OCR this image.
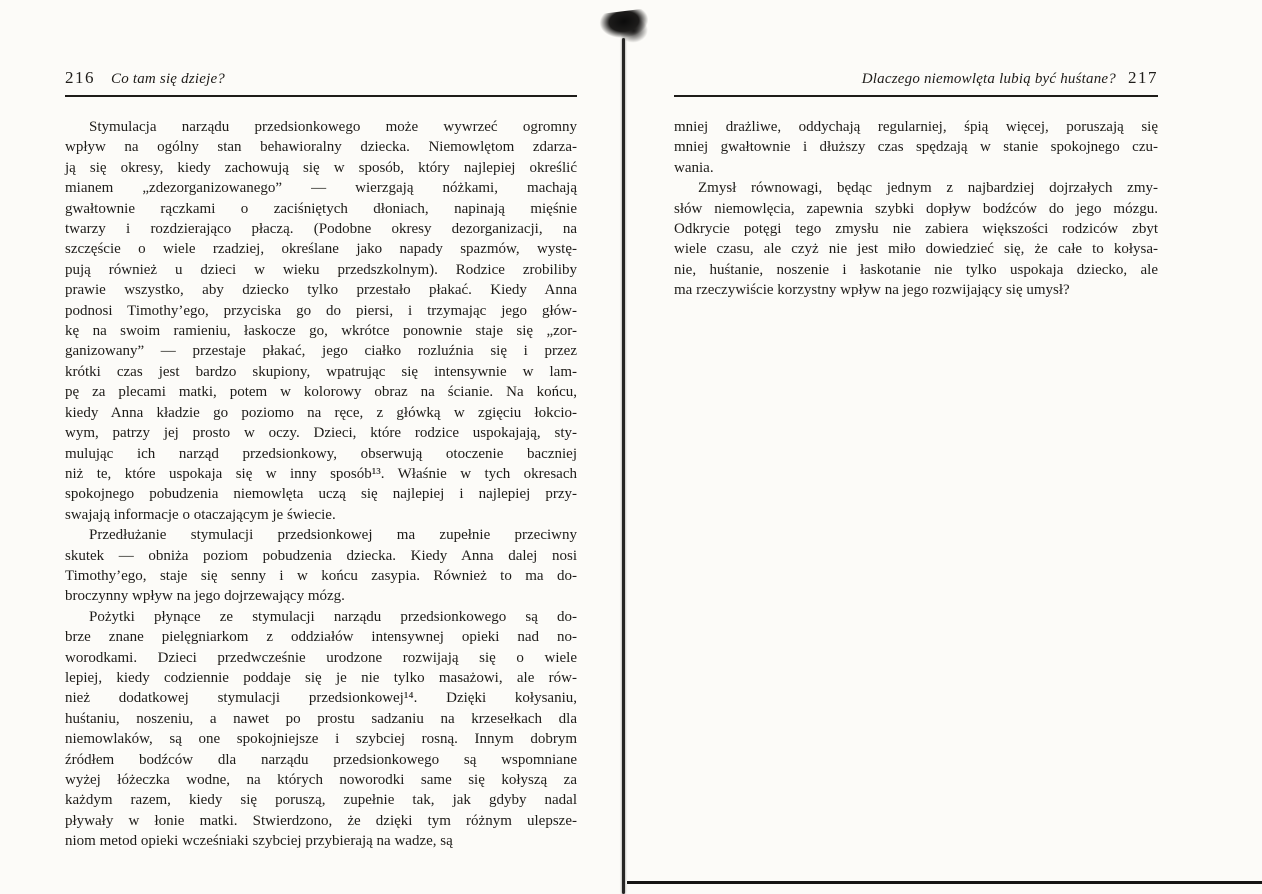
216 Co tam się dzieje?
Stymulacja narządu przedsionkowego może wywrzeć ogromny
wpływ na ogólny stan behawioralny dziecka. Niemowlętom zdarza-
ją się okresy, kiedy zachowują się w sposób, który najlepiej określić
mianem „zdezorganizowanego” — wierzgają nóżkami, machają
gwałtownie rączkami o zaciśniętych dłoniach, napinają mięśnie
twarzy i rozdzierająco płaczą. (Podobne okresy dezorganizacji, na
szczęście o wiele rzadziej, określane jako napady spazmów, wystę-
pują również u dzieci w wieku przedszkolnym). Rodzice zrobiliby
prawie wszystko, aby dziecko tylko przestało płakać. Kiedy Anna
podnosi Timothy’ego, przyciska go do piersi, i trzymając jego głów-
kę na swoim ramieniu, łaskocze go, wkrótce ponownie staje się „zor-
ganizowany” — przestaje płakać, jego ciałko rozluźnia się i przez
krótki czas jest bardzo skupiony, wpatrując się intensywnie w lam-
pę za plecami matki, potem w kolorowy obraz na ścianie. Na końcu,
kiedy Anna kładzie go poziomo na ręce, z główką w zgięciu łokcio-
wym, patrzy jej prosto w oczy. Dzieci, które rodzice uspokajają, sty-
mulując ich narząd przedsionkowy, obserwują otoczenie baczniej
niż te, które uspokaja się w inny sposób¹³. Właśnie w tych okresach
spokojnego pobudzenia niemowlęta uczą się najlepiej i najlepiej przy-
swajają informacje o otaczającym je świecie.
Przedłużanie stymulacji przedsionkowej ma zupełnie przeciwny
skutek — obniża poziom pobudzenia dziecka. Kiedy Anna dalej nosi
Timothy’ego, staje się senny i w końcu zasypia. Również to ma do-
broczynny wpływ na jego dojrzewający mózg.
Pożytki płynące ze stymulacji narządu przedsionkowego są do-
brze znane pielęgniarkom z oddziałów intensywnej opieki nad no-
worodkami. Dzieci przedwcześnie urodzone rozwijają się o wiele
lepiej, kiedy codziennie poddaje się je nie tylko masażowi, ale rów-
nież dodatkowej stymulacji przedsionkowej¹⁴. Dzięki kołysaniu,
huśtaniu, noszeniu, a nawet po prostu sadzaniu na krzesełkach dla
niemowlaków, są one spokojniejsze i szybciej rosną. Innym dobrym
źródłem bodźców dla narządu przedsionkowego są wspomniane
wyżej łóżeczka wodne, na których noworodki same się kołyszą za
każdym razem, kiedy się poruszą, zupełnie tak, jak gdyby nadal
pływały w łonie matki. Stwierdzono, że dzięki tym różnym ulepsze-
niom metod opieki wcześniaki szybciej przybierają na wadze, są
Dlaczego niemowlęta lubią być huśtane? 217
mniej drażliwe, oddychają regularniej, śpią więcej, poruszają się
mniej gwałtownie i dłuższy czas spędzają w stanie spokojnego czu-
wania.
Zmysł równowagi, będąc jednym z najbardziej dojrzałych zmy-
słów niemowlęcia, zapewnia szybki dopływ bodźców do jego mózgu.
Odkrycie potęgi tego zmysłu nie zabiera większości rodziców zbyt
wiele czasu, ale czyż nie jest miło dowiedzieć się, że całe to kołysa-
nie, huśtanie, noszenie i łaskotanie nie tylko uspokaja dziecko, ale
ma rzeczywiście korzystny wpływ na jego rozwijający się umysł?
